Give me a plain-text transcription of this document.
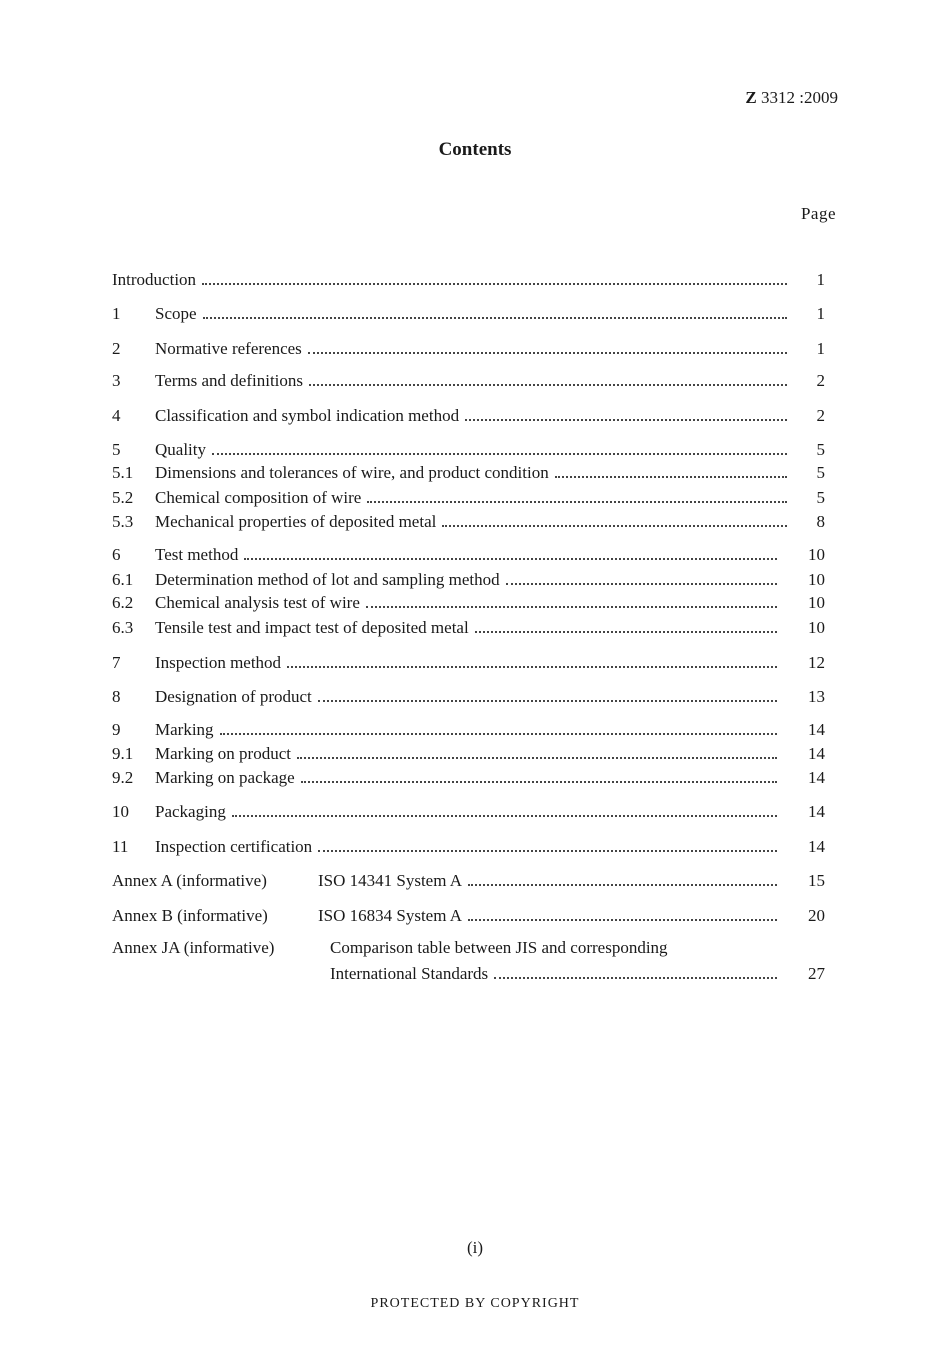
Z 3312 :2009
Contents
Page
Introduction	1
1 Scope	1
2 Normative references	1
3 Terms and definitions	2
4 Classification and symbol indication method	2
5 Quality	5
5.1 Dimensions and tolerances of wire, and product condition	5
5.2 Chemical composition of wire	5
5.3 Mechanical properties of deposited metal	8
6 Test method	10
6.1 Determination method of lot and sampling method	10
6.2 Chemical analysis test of wire	10
6.3 Tensile test and impact test of deposited metal	10
7 Inspection method	12
8 Designation of product	13
9 Marking	14
9.1 Marking on product	14
9.2 Marking on package	14
10 Packaging	14
11 Inspection certification	14
Annex A (informative)	ISO 14341 System A	15
Annex B (informative)	ISO 16834 System A	20
Annex JA (informative)	Comparison table between JIS and corresponding
International Standards	27
(i)
PROTECTED BY COPYRIGHT
